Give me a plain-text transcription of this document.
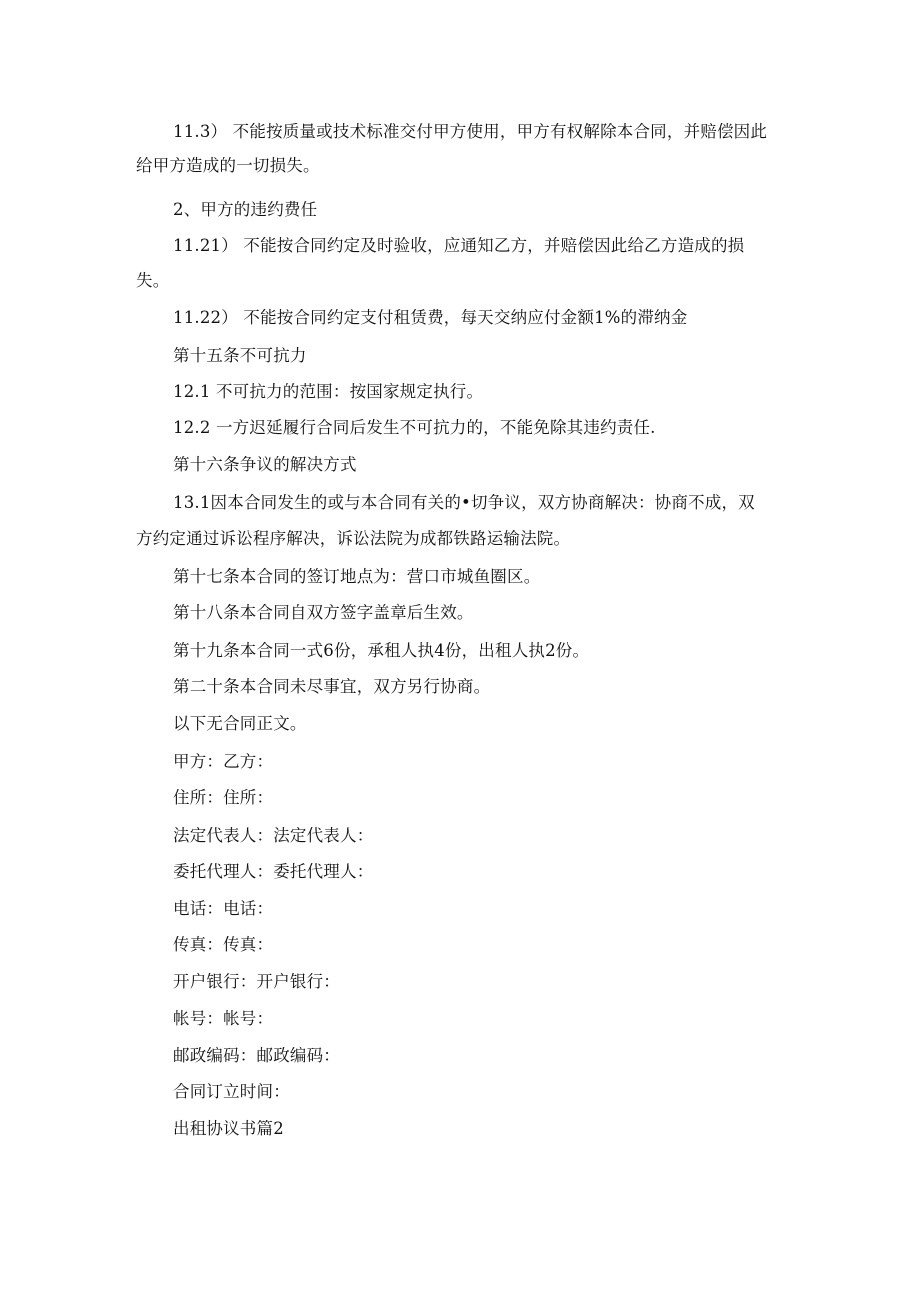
11.3） 不能按质量或技术标准交付甲方使用，甲方有权解除本合同，并赔偿因此
给甲方造成的一切损失。
2、甲方的违约费任
11.21） 不能按合同约定及时验收，应通知乙方，并赔偿因此给乙方造成的损
失。
11.22） 不能按合同约定支付租赁费，每天交纳应付金额1%的滞纳金
第十五条不可抗力
12.1 不可抗力的范围：按国家规定执行。
12.2 一方迟延履行合同后发生不可抗力的，不能免除其违约责任.
第十六条争议的解决方式
13.1因本合同发生的或与本合同有关的•切争议，双方协商解决：协商不成，双
方约定通过诉讼程序解决，诉讼法院为成都铁路运输法院。
第十七条本合同的签订地点为：营口市城鱼圈区。
第十八条本合同自双方签字盖章后生效。
第十九条本合同一式6份，承租人执4份，出租人执2份。
第二十条本合同未尽事宜，双方另行协商。
以下无合同正文。
甲方：乙方：
住所：住所：
法定代表人：法定代表人：
委托代理人：委托代理人：
电话：电话：
传真：传真：
开户银行：开户银行：
帐号：帐号：
邮政编码：邮政编码：
合同订立时间：
出租协议书篇2
